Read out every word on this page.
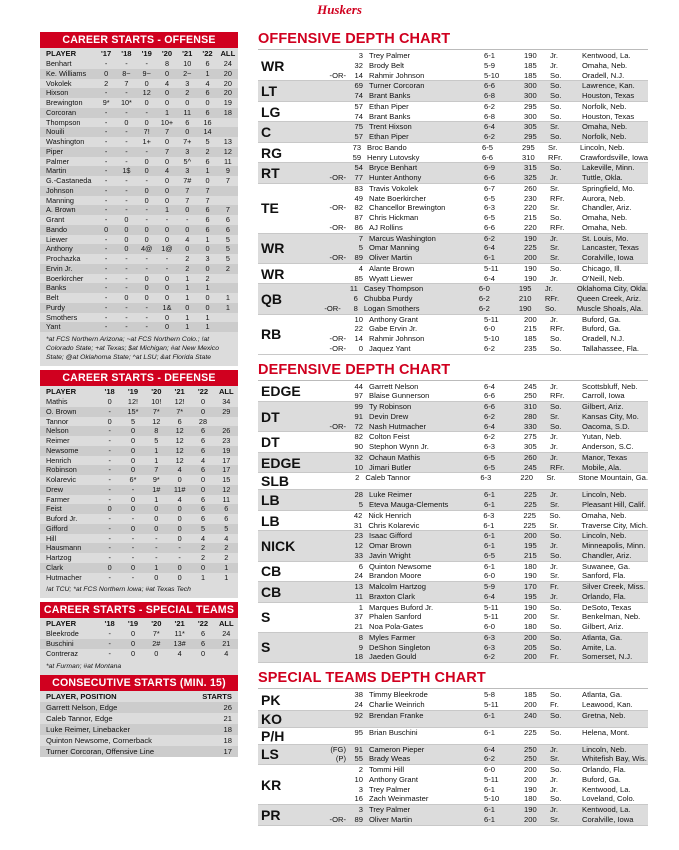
Huskers
CAREER STARTS - OFFENSE
PLAYER	'17	'18	'19	'20	'21	'22	ALL
Benhart	-	-	-	8	10	6	24
Ke. Williams	0	8~	9~	0	2~	1	20
Vokolek	2	7	0	4	3	4	20
Hixson	-	-	12	0	2	6	20
Brewington	9*	10*	0	0	0	0	19
Corcoran	-	-	-	1	11	6	18
Thompson	-	0	0	10+	6	16	
Nouili	-	-	7!	7	0	14	
Washington	-	-	1+	0	7+	5	13
Piper	-	-	-	7	3	2	12
Palmer	-	-	0	0	5^	6	11
Martin	-	1$	0	4	3	1	9
G.-Castaneda	-	-	-	0	7#	0	7
Johnson	-	-	0	0	7	7	
Manning	-	-	0	0	7	7	
A. Brown	-	-	-	1	0	6	7
Grant	-	0	-	-	-	6	6
Bando	0	0	0	0	0	6	6
Liewer	-	0	0	0	4	1	5
Anthony	-	0	4@	1@	0	0	5
Prochazka	-	-	-	-	2	3	5
Ervin Jr.	-	-	-	-	2	0	2
Boerkircher	-	-	0	0	1	2	
Banks	-	-	0	0	1	1	
Belt	-	0	0	0	1	0	1
Purdy	-	-	-	1&	0	0	1
Smothers	-	-	-	0	1	1	
Yant	-	-	-	0	1	1	
*at FCS Northern Arizona; ~at FCS Northern Colo.; !at Colorado State; +at Texas; $at Michigan; #at New Mexico State; @at Oklahoma State; ^at LSU; &at Florida State
CAREER STARTS - DEFENSE
PLAYER	'18	'19	'20	'21	'22	ALL
Mathis	0	12!	10!	12!	0	34
O. Brown	-	15*	7*	7*	0	29
Tannor	0	5	12	6	28	
Nelson	-	0	8	12	6	26
Reimer	-	0	5	12	6	23
Newsome	-	0	1	12	6	19
Henrich	-	0	1	12	4	17
Robinson	-	0	7	4	6	17
Kolarevic	-	6*	9*	0	0	15
Drew	-	-	1#	11#	0	12
Farmer	-	0	1	4	6	11
Feist	0	0	0	0	6	6
Buford Jr.	-	-	0	0	6	6
Gifford	-	0	0	0	5	5
Hill	-	-	-	0	4	4
Hausmann	-	-	-	-	2	2
Hartzog	-	-	-	-	2	2
Clark	0	0	1	0	0	1
Hutmacher	-	-	0	0	1	1
!at TCU; *at FCS Northern Iowa; #at Texas Tech
CAREER STARTS - SPECIAL TEAMS
PLAYER	'18	'19	'20	'21	'22	ALL
Bleekrode	-	0	7*	11*	6	24
Buschini	-	0	2#	13#	6	21
Contreraz	-	0	0	4	0	4
*at Furman; #at Montana
CONSECUTIVE STARTS (MIN. 15)
PLAYER, POSITION	STARTS
Garrett Nelson, Edge	26
Caleb Tannor, Edge	21
Luke Reimer, Linebacker	18
Quinton Newsome, Cornerback	18
Turner Corcoran, Offensive Line	17
OFFENSIVE DEPTH CHART
WR
3 Trey Palmer	6-1	190	Jr.	Kentwood, La.
32 Brody Belt	5-9	185	Jr.	Omaha, Neb.
-OR-	14 Rahmir Johnson	5-10	185	So.	Oradell, N.J.
LT	69 Turner Corcoran	6-6	300	So.	Lawrence, Kan.
74 Brant Banks	6-8	300	So.	Houston, Texas
LG	57 Ethan Piper	6-2	295	So.	Norfolk, Neb.
74 Brant Banks	6-8	300	So.	Houston, Texas
C	75 Trent Hixson	6-4	305	Sr.	Omaha, Neb.
57 Ethan Piper	6-2	295	So.	Norfolk, Neb.
RG	73 Broc Bando	6-5	295	Sr.	Lincoln, Neb.
59 Henry Lutovsky	6-6	310	RFr.	Crawfordsville, Iowa
RT	54 Bryce Benhart	6-9	315	So.	Lakeville, Minn.
-OR-	77 Hunter Anthony	6-6	325	Jr.	Tuttle, Okla.
TE
83 Travis Vokolek	6-7	260	Sr.	Springfield, Mo.
49 Nate Boerkircher	6-5	230	RFr.	Aurora, Neb.
-OR-	82 Chancellor Brewington	6-3	220	Sr.	Chandler, Ariz.
87 Chris Hickman	6-5	215	So.	Omaha, Neb.
-OR-	86 AJ Rollins	6-6	220	RFr.	Omaha, Neb.
WR
7 Marcus Washington	6-2	190	Jr.	St. Louis, Mo.
5 Omar Manning	6-4	225	Sr.	Lancaster, Texas
-OR-	89 Oliver Martin	6-1	200	Sr.	Coralville, Iowa
WR	4 Alante Brown	5-11	190	So.	Chicago, Ill.
85 Wyatt Liewer	6-4	190	Jr.	O'Neill, Neb.
QB
11 Casey Thompson	6-0	195	Jr.	Oklahoma City, Okla.
6 Chubba Purdy	6-2	210	RFr.	Queen Creek, Ariz.
-OR-	8 Logan Smothers	6-2	190	So.	Muscle Shoals, Ala.
RB
10 Anthony Grant	5-11	200	Jr.	Buford, Ga.
22 Gabe Ervin Jr.	6-0	215	RFr.	Buford, Ga.
-OR-	14 Rahmir Johnson	5-10	185	So.	Oradell, N.J.
-OR-	0 Jaquez Yant	6-2	235	So.	Tallahassee, Fla.
DEFENSIVE DEPTH CHART
EDGE	44 Garrett Nelson	6-4	245	Jr.	Scottsbluff, Neb.
97 Blaise Gunnerson	6-6	250	RFr.	Carroll, Iowa
DT
99 Ty Robinson	6-6	310	So.	Gilbert, Ariz.
91 Devin Drew	6-2	280	Sr.	Kansas City, Mo.
-OR-	72 Nash Hutmacher	6-4	330	So.	Oacoma, S.D.
DT	82 Colton Feist	6-2	275	Jr.	Yutan, Neb.
90 Stephon Wynn Jr.	6-3	305	Jr.	Anderson, S.C.
EDGE	32 Ochaun Mathis	6-5	260	Jr.	Manor, Texas
10 Jimari Butler	6-5	245	RFr.	Mobile, Ala.
SLB	2 Caleb Tannor	6-3	220	Sr.	Stone Mountain, Ga.
LB	28 Luke Reimer	6-1	225	Jr.	Lincoln, Neb.
5 Eteva Mauga-Clements	6-1	225	Sr.	Pleasant Hill, Calif.
LB	42 Nick Henrich	6-3	225	So.	Omaha, Neb.
31 Chris Kolarevic	6-1	225	Sr.	Traverse City, Mich.
NICK
23 Isaac Gifford	6-1	200	So.	Lincoln, Neb.
12 Omar Brown	6-1	195	Jr.	Minneapolis, Minn.
33 Javin Wright	6-5	215	So.	Chandler, Ariz.
CB	6 Quinton Newsome	6-1	180	Jr.	Suwanee, Ga.
24 Brandon Moore	6-0	190	Sr.	Sanford, Fla.
CB	13 Malcolm Hartzog	5-9	170	Fr.	Silver Creek, Miss.
11 Braxton Clark	6-4	195	Jr.	Orlando, Fla.
S
1 Marques Buford Jr.	5-11	190	So.	DeSoto, Texas
37 Phalen Sanford	5-11	200	Sr.	Benkelman, Neb.
21 Noa Pola-Gates	6-0	180	So.	Gilbert, Ariz.
S
8 Myles Farmer	6-3	200	So.	Atlanta, Ga.
9 DeShon Singleton	6-3	205	So.	Amite, La.
18 Jaeden Gould	6-2	200	Fr.	Somerset, N.J.
SPECIAL TEAMS DEPTH CHART
PK	38 Timmy Bleekrode	5-8	185	So.	Atlanta, Ga.
24 Charlie Weinrich	5-11	200	Fr.	Leawood, Kan.
KO	92 Brendan Franke	6-1	240	So.	Gretna, Neb.
P/H	95 Brian Buschini	6-1	225	So.	Helena, Mont.
LS	(FG)	91 Cameron Pieper	6-4	250	Jr.	Lincoln, Neb.
(P)	55 Brady Weas	6-2	250	Sr.	Whitefish Bay, Wis.
KR
2 Tommi Hill	6-0	200	So.	Orlando, Fla.
10 Anthony Grant	5-11	200	Jr.	Buford, Ga.
3 Trey Palmer	6-1	190	Jr.	Kentwood, La.
16 Zach Weinmaster	5-10	180	So.	Loveland, Colo.
PR	3 Trey Palmer	6-1	190	Jr.	Kentwood, La.
-OR-	89 Oliver Martin	6-1	200	Sr.	Coralville, Iowa
